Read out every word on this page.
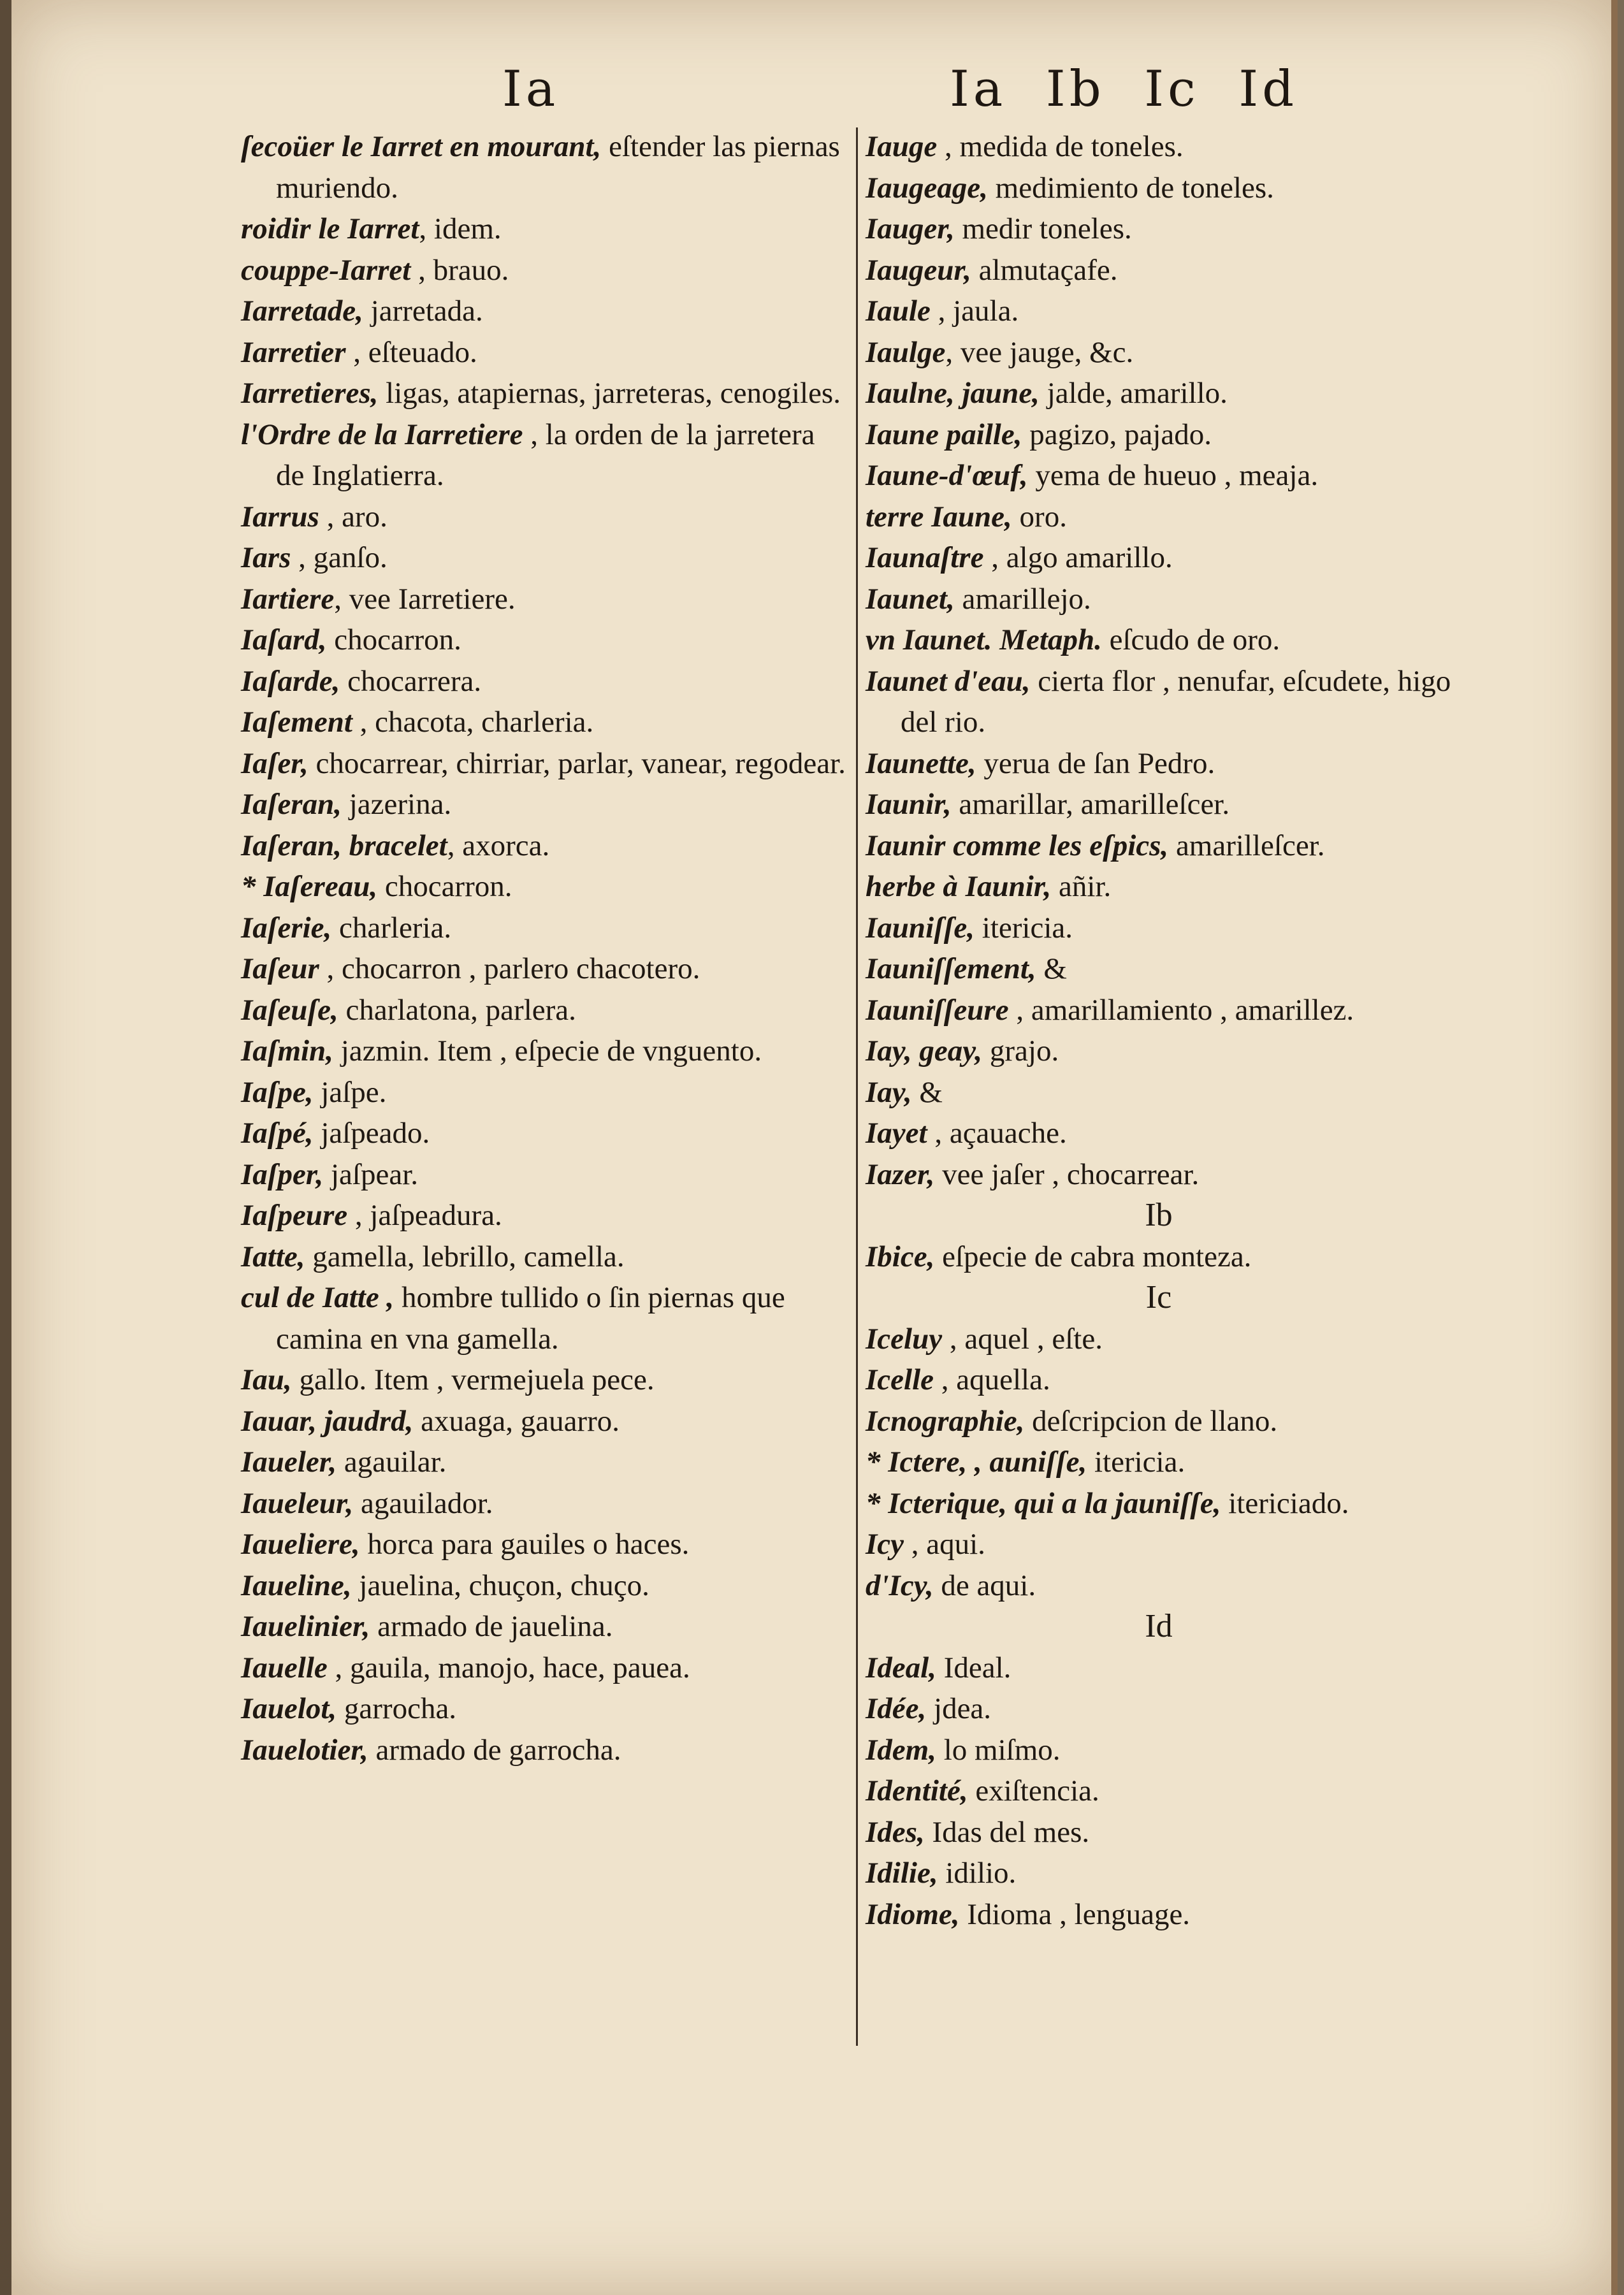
Ia	Ia  Ib  Ic  Id
ſecoüer le Iarret en mourant, eſtender las piernas muriendo.
roidir le Iarret, idem.
couppe-Iarret , brauo.
Iarretade, jarretada.
Iarretier , eſteuado.
Iarretieres, ligas, atapiernas, jarreteras, cenogiles.
l'Ordre de la Iarretiere , la orden de la jarretera de Inglatierra.
Iarrus , aro.
Iars , ganſo.
Iartiere, vee Iarretiere.
Iaſard, chocarron.
Iaſarde, chocarrera.
Iaſement , chacota, charleria.
Iaſer, chocarrear, chirriar, parlar, vanear, regodear.
Iaſeran, jazerina.
Iaſeran, bracelet, axorca.
* Iaſereau, chocarron.
Iaſerie, charleria.
Iaſeur , chocarron , parlero chacotero.
Iaſeuſe, charlatona, parlera.
Iaſmin, jazmin. Item , eſpecie de vnguento.
Iaſpe, jaſpe.
Iaſpé, jaſpeado.
Iaſper, jaſpear.
Iaſpeure , jaſpeadura.
Iatte, gamella, lebrillo, camella.
cul de Iatte , hombre tullido o ſin piernas que camina en vna gamella.
Iau, gallo. Item , vermejuela pece.
Iauar, jaudrd, axuaga, gauarro.
Iaueler, agauilar.
Iaueleur, agauilador.
Iaueliere, horca para gauiles o haces.
Iaueline, jauelina, chuçon, chuço.
Iauelinier, armado de jauelina.
Iauelle , gauila, manojo, hace, pauea.
Iauelot, garrocha.
Iauelotier, armado de garrocha.
Iauge , medida de toneles.
Iaugeage, medimiento de toneles.
Iauger, medir toneles.
Iaugeur, almutaçafe.
Iaule , jaula.
Iaulge, vee jauge, &c.
Iaulne, jaune, jalde, amarillo.
Iaune paille, pagizo, pajado.
Iaune-d'œuf, yema de hueuo , meaja.
terre Iaune, oro.
Iaunaſtre , algo amarillo.
Iaunet, amarillejo.
vn Iaunet. Metaph. eſcudo de oro.
Iaunet d'eau, cierta flor , nenufar, eſcudete, higo del rio.
Iaunette, yerua de ſan Pedro.
Iaunir, amarillar, amarilleſcer.
Iaunir comme les eſpics, amarilleſcer.
herbe à Iaunir, añir.
Iauniſſe, itericia.
Iauniſſement, &
Iauniſſeure , amarillamiento , amarillez.
Iay, geay, grajo.
Iay, &
Iayet , açauache.
Iazer, vee jaſer , chocarrear.
Ib
Ibice, eſpecie de cabra monteza.
Ic
Iceluy , aquel , eſte.
Icelle , aquella.
Icnographie, deſcripcion de llano.
* Ictere, , auniſſe, itericia.
* Icterique, qui a la jauniſſe, itericiado.
Icy , aqui.
d'Icy, de aqui.
Id
Ideal, Ideal.
Idée, jdea.
Idem, lo miſmo.
Identité, exiſtencia.
Ides, Idas del mes.
Idilie, idilio.
Idiome, Idioma , lenguage.
